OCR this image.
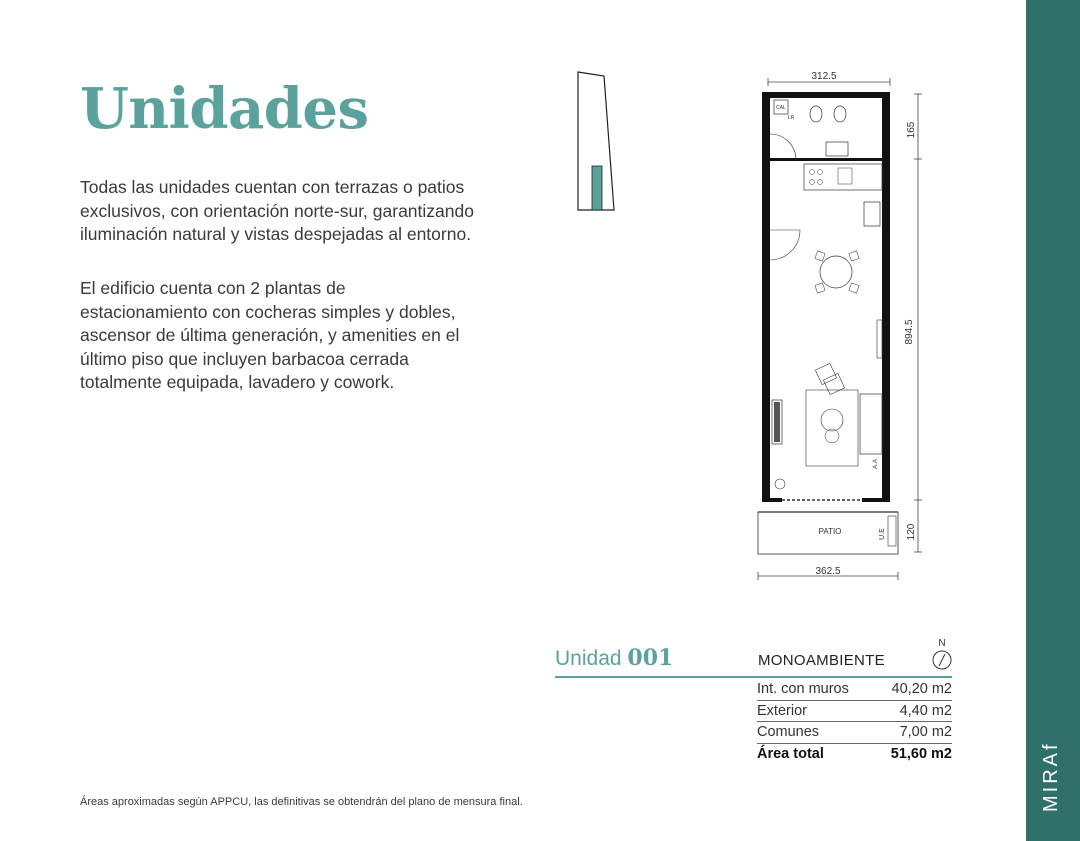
Unidades

Todas las unidades cuentan con terrazas o patios exclusivos, con orientación norte-sur, garantizando iluminación natural y vistas despejadas al entorno.

El edificio cuenta con 2 plantas de estacionamiento con cocheras simples y dobles, ascensor de última generación, y amenities en el último piso que incluyen barbacoa cerrada totalmente equipada, lavadero y cowork.

312.5
165
894.5
120
362.5
CAL
LR
A.A
PATIO	U.E
Unidad 001	MONOAMBIENTE
N
Int. con muros	40,20 m2
Exterior	4,40 m2
Comunes	7,00 m2
Área total	51,60 m2
Áreas aproximadas según APPCU, las definitivas se obtendrán del plano de mensura final.	MIRAf
